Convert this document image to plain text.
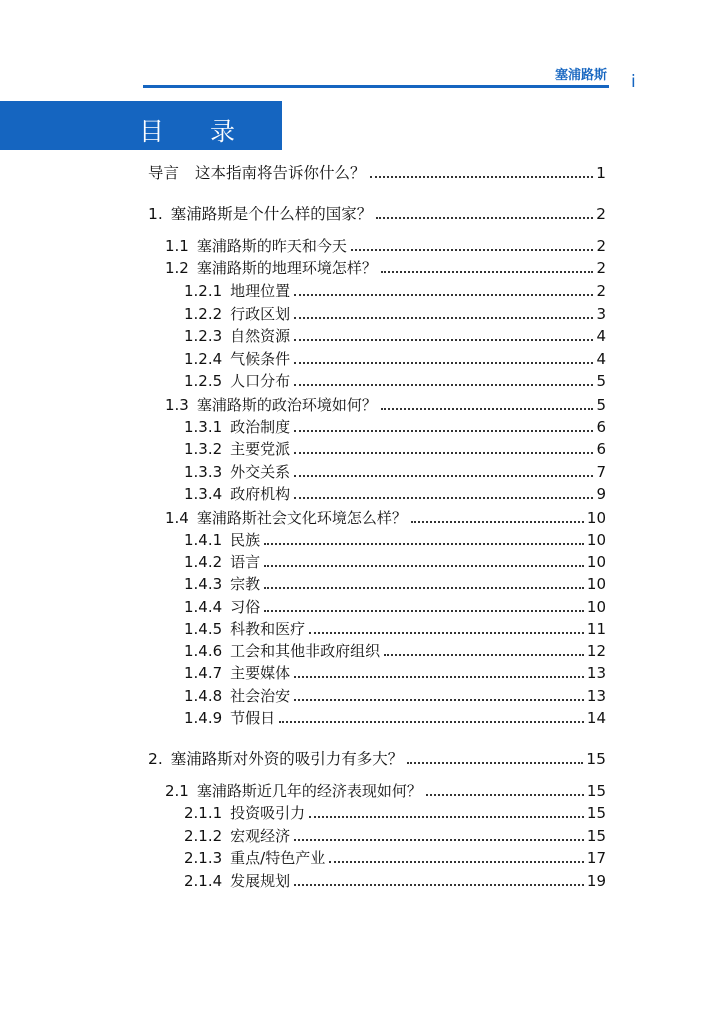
塞浦路斯 i
目 录
导言	这本指南将告诉你什么？	1
1. 塞浦路斯是个什么样的国家？	2
1.1 塞浦路斯的昨天和今天	2
1.2 塞浦路斯的地理环境怎样？	2
1.2.1 地理位置	2
1.2.2 行政区划	3
1.2.3 自然资源	4
1.2.4 气候条件	4
1.2.5 人口分布	5
1.3 塞浦路斯的政治环境如何？	5
1.3.1 政治制度	6
1.3.2 主要党派	6
1.3.3 外交关系	7
1.3.4 政府机构	9
1.4 塞浦路斯社会文化环境怎么样？	10
1.4.1 民族	10
1.4.2 语言	10
1.4.3 宗教	10
1.4.4 习俗	10
1.4.5 科教和医疗	11
1.4.6 工会和其他非政府组织	12
1.4.7 主要媒体	13
1.4.8 社会治安	13
1.4.9 节假日	14
2. 塞浦路斯对外资的吸引力有多大？	15
2.1 塞浦路斯近几年的经济表现如何？	15
2.1.1 投资吸引力	15
2.1.2 宏观经济	15
2.1.3 重点/特色产业	17
2.1.4 发展规划	19
